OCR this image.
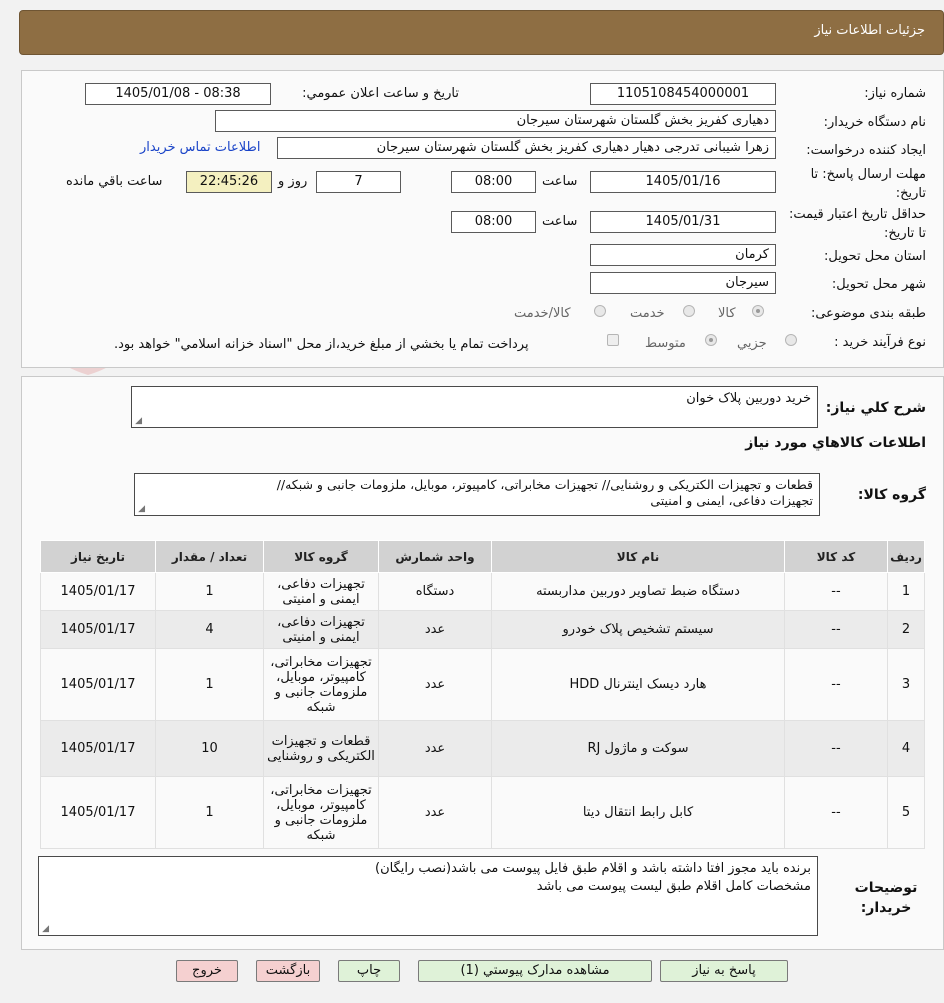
جزئیات اطلاعات نیاز
شماره نیاز:
1105108454000001
تاریخ و ساعت اعلان عمومي:
1405/01/08 - 08:38
نام دستگاه خريدار:
دهیاری کفریز بخش گلستان شهرستان سیرجان
ايجاد کننده درخواست:
زهرا شیبانی تدرجی دهیار دهیاری کفریز بخش گلستان شهرستان سیرجان
اطلاعات تماس خريدار
مهلت ارسال پاسخ: تا تاريخ:
1405/01/16
ساعت
08:00
7
روز و
22:45:26
ساعت باقي مانده
حداقل تاريخ اعتبار قيمت: تا تاريخ:
1405/01/31
ساعت
08:00
استان محل تحويل:
کرمان
شهر محل تحويل:
سیرجان
طبقه بندی موضوعی:
کالا
خدمت
کالا/خدمت
نوع فرآيند خريد :
جزيي
متوسط
پرداخت تمام يا بخشي از مبلغ خريد،از محل "اسناد خزانه اسلامي" خواهد بود.
شرح كلي نياز:
خرید دوربین پلاک خوان
◢
اطلاعات كالاهاي مورد نياز
گروه کالا:
قطعات و تجهیزات الکتریکی و روشنایی// تجهیزات مخابراتی، کامپیوتر، موبایل، ملزومات جانبی و شبکه//
تجهیزات دفاعی، ایمنی و امنیتی
◢
رديف	كد كالا	نام كالا	واحد شمارش	گروه كالا	تعداد / مقدار	تاريخ نياز
1	--	دستگاه ضبط تصاویر دوربین مداربسته	دستگاه	تجهیزات دفاعی، ایمنی و امنیتی	1	1405/01/17
2	--	سیستم تشخیص پلاک خودرو	عدد	تجهیزات دفاعی، ایمنی و امنیتی	4	1405/01/17
3	--	هارد دیسک اینترنال HDD	عدد	تجهیزات مخابراتی، کامپیوتر، موبایل، ملزومات جانبی و شبکه	1	1405/01/17
4	--	سوکت و ماژول RJ	عدد	قطعات و تجهیزات الکتریکی و روشنایی	10	1405/01/17
5	--	کابل رابط انتقال دیتا	عدد	تجهیزات مخابراتی، کامپیوتر، موبایل، ملزومات جانبی و شبکه	1	1405/01/17
توضيحات خريدار:
برنده باید مجوز افتا داشته باشد و اقلام طبق فایل پیوست می باشد(نصب رایگان)
مشخصات کامل اقلام طبق لیست پیوست می باشد
◢
پاسخ به نياز
مشاهده مدارک پيوستي (1)
چاپ
بازگشت
خروج
